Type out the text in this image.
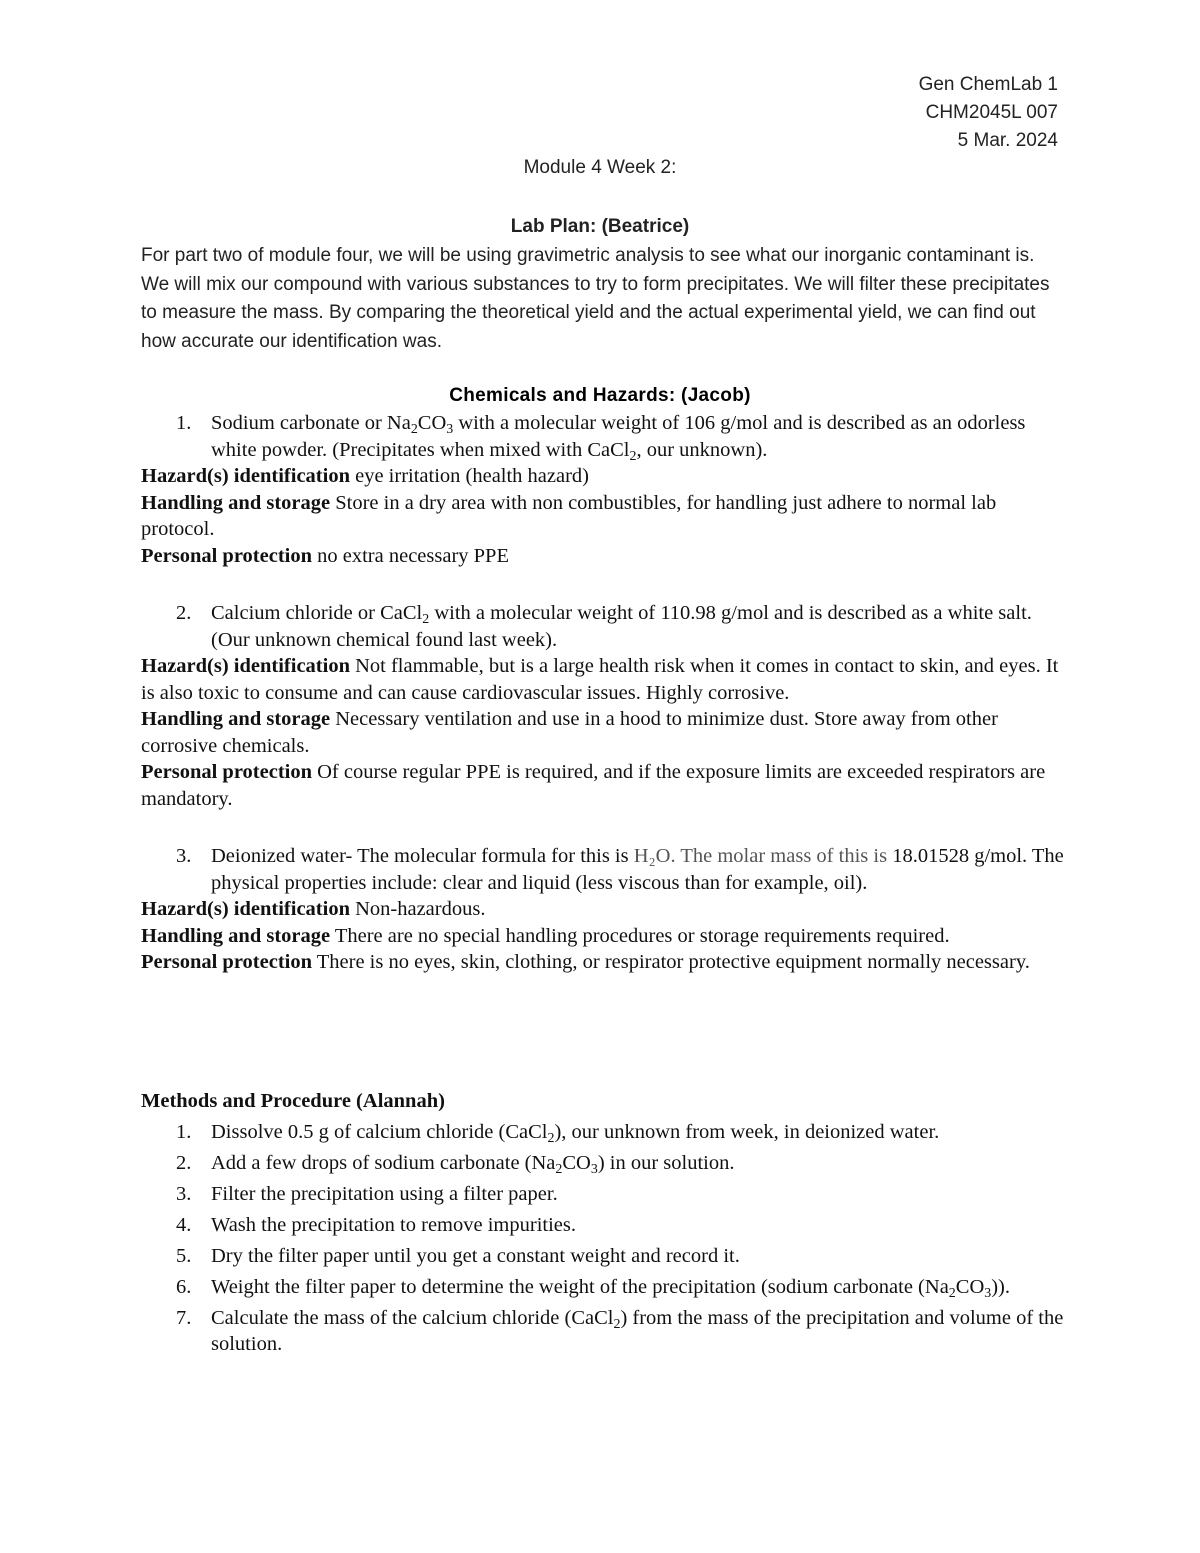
Gen ChemLab 1
CHM2045L 007
5 Mar. 2024
Module 4 Week 2:
Lab Plan: (Beatrice)
For part two of module four, we will be using gravimetric analysis to see what our inorganic contaminant is. We will mix our compound with various substances to try to form precipitates. We will filter these precipitates to measure the mass. By comparing the theoretical yield and the actual experimental yield, we can find out how accurate our identification was.
Chemicals and Hazards: (Jacob)
1. Sodium carbonate or $Na_2CO_3$ with a molecular weight of 106 g/mol and is described as an odorless white powder. (Precipitates when mixed with CaCl$_2$, our unknown).
Hazard(s) identification eye irritation (health hazard)
Handling and storage Store in a dry area with non combustibles, for handling just adhere to normal lab protocol.
Personal protection no extra necessary PPE
2. Calcium chloride or CaCl$_2$ with a molecular weight of 110.98 g/mol and is described as a white salt. (Our unknown chemical found last week).
Hazard(s) identification Not flammable, but is a large health risk when it comes in contact to skin, and eyes. It is also toxic to consume and can cause cardiovascular issues. Highly corrosive.
Handling and storage Necessary ventilation and use in a hood to minimize dust. Store away from other corrosive chemicals.
Personal protection Of course regular PPE is required, and if the exposure limits are exceeded respirators are mandatory.
3. Deionized water- The molecular formula for this is H₂O. The molar mass of this is 18.01528 g/mol. The physical properties include: clear and liquid (less viscous than for example, oil).
Hazard(s) identification Non-hazardous.
Handling and storage There are no special handling procedures or storage requirements required.
Personal protection There is no eyes, skin, clothing, or respirator protective equipment normally necessary.
Methods and Procedure (Alannah)
1. Dissolve 0.5 g of calcium chloride (CaCl$_2$), our unknown from week, in deionized water.
2. Add a few drops of sodium carbonate $(Na_2CO_3)$ in our solution.
3. Filter the precipitation using a filter paper.
4. Wash the precipitation to remove impurities.
5. Dry the filter paper until you get a constant weight and record it.
6. Weight the filter paper to determine the weight of the precipitation (sodium carbonate $(Na_2CO_3)$).
7. Calculate the mass of the calcium chloride (CaCl$_2$) from the mass of the precipitation and volume of the solution.
